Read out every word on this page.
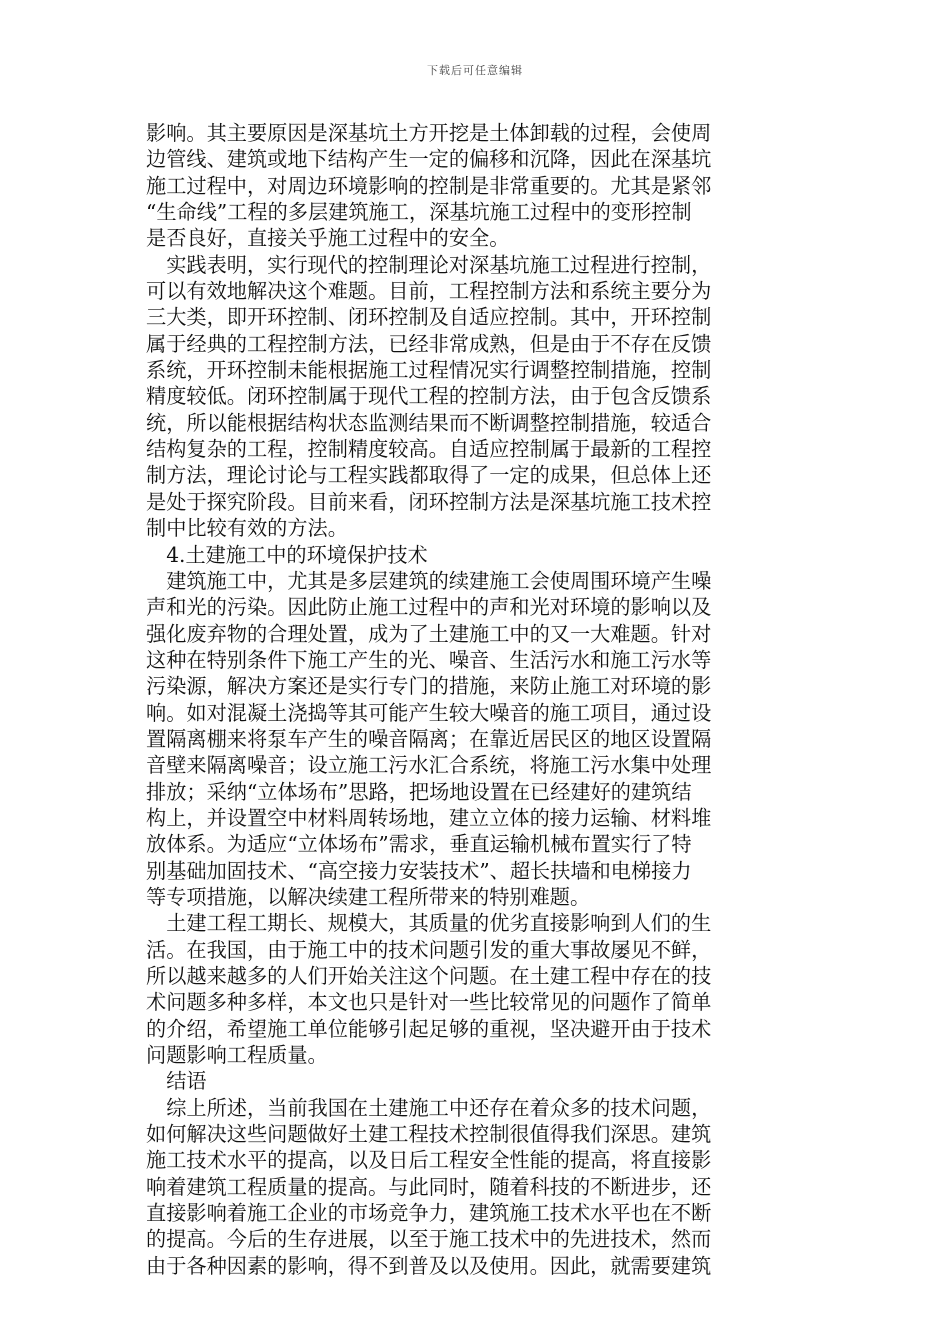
下载后可任意编辑
影响。其主要原因是深基坑土方开挖是土体卸载的过程，会使周
边管线、建筑或地下结构产生一定的偏移和沉降，因此在深基坑
施工过程中，对周边环境影响的控制是非常重要的。尤其是紧邻
“生命线”工程的多层建筑施工，深基坑施工过程中的变形控制
是否良好，直接关乎施工过程中的安全。
　实践表明，实行现代的控制理论对深基坑施工过程进行控制，
可以有效地解决这个难题。目前，工程控制方法和系统主要分为
三大类，即开环控制、闭环控制及自适应控制。其中，开环控制
属于经典的工程控制方法，已经非常成熟，但是由于不存在反馈
系统，开环控制未能根据施工过程情况实行调整控制措施，控制
精度较低。闭环控制属于现代工程的控制方法，由于包含反馈系
统，所以能根据结构状态监测结果而不断调整控制措施，较适合
结构复杂的工程，控制精度较高。自适应控制属于最新的工程控
制方法，理论讨论与工程实践都取得了一定的成果，但总体上还
是处于探究阶段。目前来看，闭环控制方法是深基坑施工技术控
制中比较有效的方法。
　4.土建施工中的环境保护技术
　建筑施工中，尤其是多层建筑的续建施工会使周围环境产生噪
声和光的污染。因此防止施工过程中的声和光对环境的影响以及
强化废弃物的合理处置，成为了土建施工中的又一大难题。针对
这种在特别条件下施工产生的光、噪音、生活污水和施工污水等
污染源，解决方案还是实行专门的措施，来防止施工对环境的影
响。如对混凝土浇捣等其可能产生较大噪音的施工项目，通过设
置隔离棚来将泵车产生的噪音隔离；在靠近居民区的地区设置隔
音壁来隔离噪音；设立施工污水汇合系统，将施工污水集中处理
排放；采纳“立体场布”思路，把场地设置在已经建好的建筑结
构上，并设置空中材料周转场地，建立立体的接力运输、材料堆
放体系。为适应“立体场布”需求，垂直运输机械布置实行了特
别基础加固技术、“高空接力安装技术”、超长扶墙和电梯接力
等专项措施，以解决续建工程所带来的特别难题。
　土建工程工期长、规模大，其质量的优劣直接影响到人们的生
活。在我国，由于施工中的技术问题引发的重大事故屡见不鲜，
所以越来越多的人们开始关注这个问题。在土建工程中存在的技
术问题多种多样，本文也只是针对一些比较常见的问题作了简单
的介绍，希望施工单位能够引起足够的重视，坚决避开由于技术
问题影响工程质量。
　结语
　综上所述，当前我国在土建施工中还存在着众多的技术问题，
如何解决这些问题做好土建工程技术控制很值得我们深思。建筑
施工技术水平的提高，以及日后工程安全性能的提高，将直接影
响着建筑工程质量的提高。与此同时，随着科技的不断进步，还
直接影响着施工企业的市场竞争力，建筑施工技术水平也在不断
的提高。今后的生存进展，以至于施工技术中的先进技术，然而
由于各种因素的影响，得不到普及以及使用。因此，就需要建筑
